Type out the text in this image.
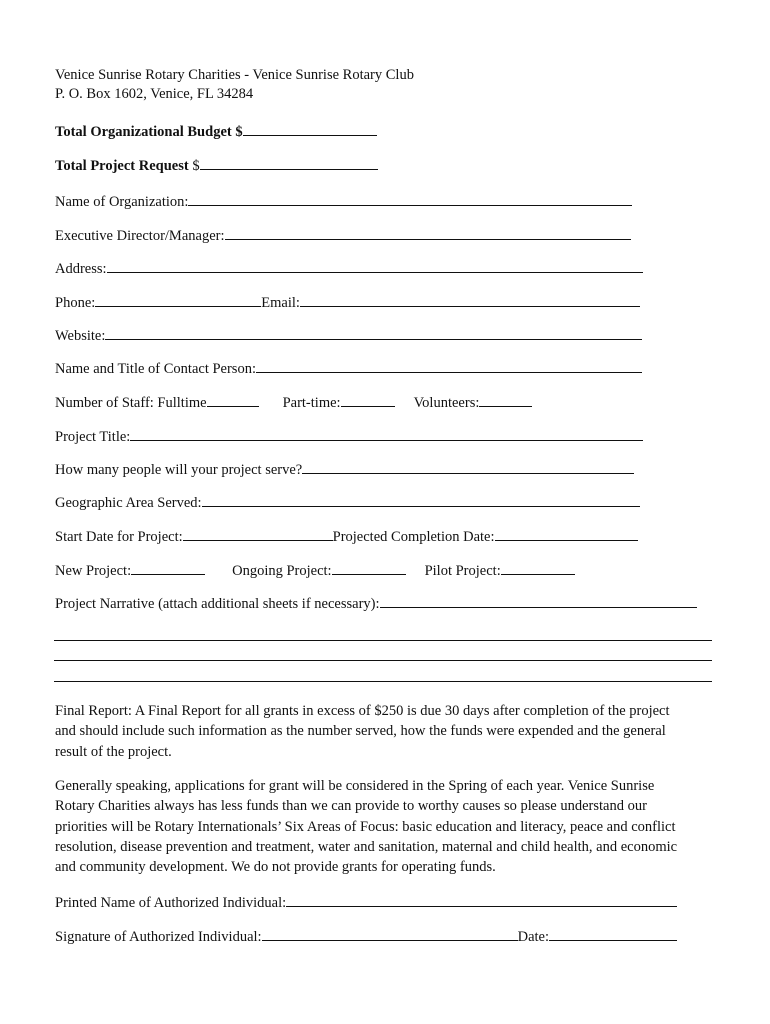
Venice Sunrise Rotary Charities - Venice Sunrise Rotary Club
P. O. Box 1602, Venice, FL 34284
Total Organizational Budget $
Total Project Request $
Name of Organization:
Executive Director/Manager:
Address:
Phone:	Email:
Website:
Name and Title of Contact Person:
Number of Staff: Fulltime	Part-time:	Volunteers:
Project Title:
How many people will your project serve?
Geographic Area Served:
Start Date for Project:	Projected Completion Date:
New Project:	Ongoing Project:	Pilot Project:
Project Narrative (attach additional sheets if necessary):
Final Report: A Final Report for all grants in excess of $250 is due 30 days after completion of the project
and should include such information as the number served, how the funds were expended and the general
result of the project.
Generally speaking, applications for grant will be considered in the Spring of each year. Venice Sunrise
Rotary Charities always has less funds than we can provide to worthy causes so please understand our
priorities will be Rotary Internationals’ Six Areas of Focus: basic education and literacy, peace and conflict
resolution, disease prevention and treatment, water and sanitation, maternal and child health, and economic
and community development. We do not provide grants for operating funds.
Printed Name of Authorized Individual:
Signature of Authorized Individual:	Date:
